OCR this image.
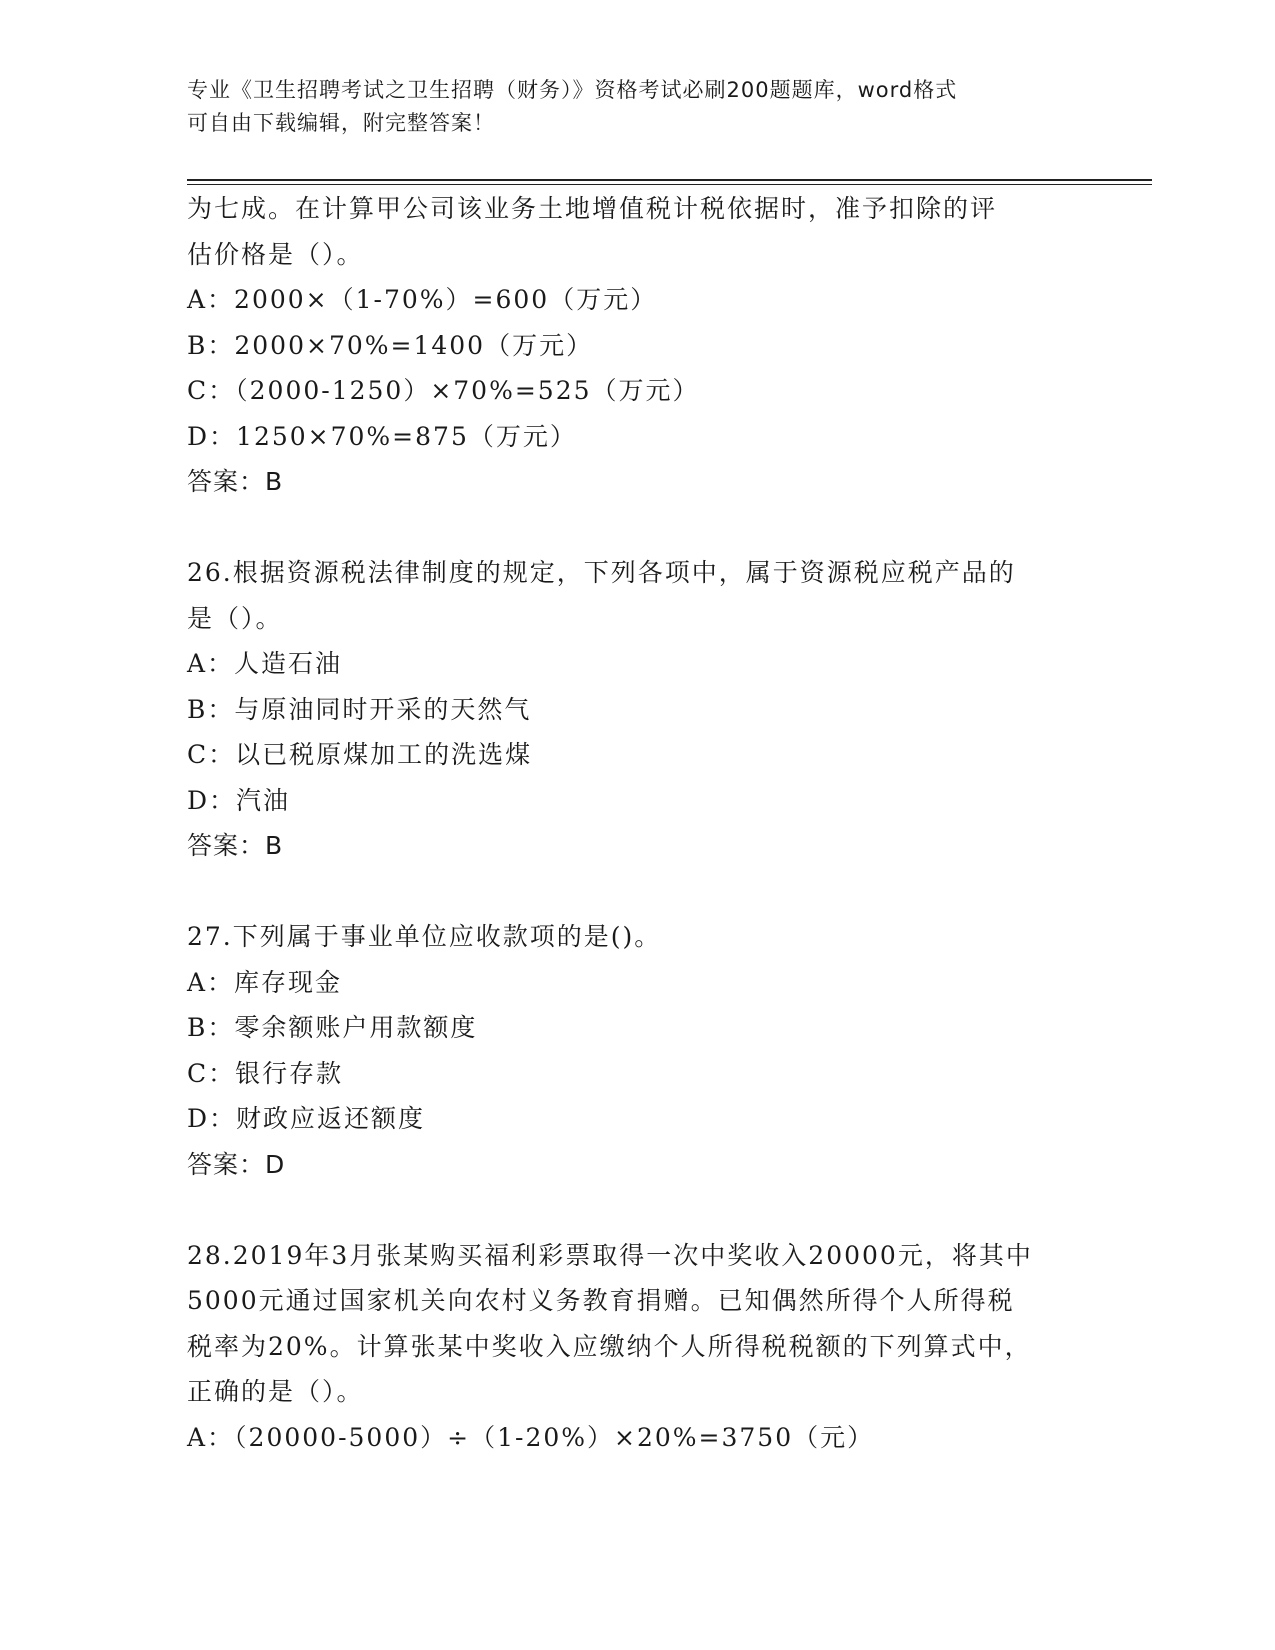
专业《卫生招聘考试之卫生招聘（财务）》资格考试必刷200题题库，word格式
可自由下载编辑，附完整答案！
为七成。在计算甲公司该业务土地增值税计税依据时，准予扣除的评
估价格是（）。
A：2000×（1-70%）=600（万元）
B：2000×70%=1400（万元）
C：（2000-1250）×70%=525（万元）
D：1250×70%=875（万元）
答案：B
26.根据资源税法律制度的规定，下列各项中，属于资源税应税产品的
是（）。
A：人造石油
B：与原油同时开采的天然气
C：以已税原煤加工的洗选煤
D：汽油
答案：B
27.下列属于事业单位应收款项的是()。
A：库存现金
B：零余额账户用款额度
C：银行存款
D：财政应返还额度
答案：D
28.2019年3月张某购买福利彩票取得一次中奖收入20000元，将其中
5000元通过国家机关向农村义务教育捐赠。已知偶然所得个人所得税
税率为20%。计算张某中奖收入应缴纳个人所得税税额的下列算式中，
正确的是（）。
A：（20000-5000）÷（1-20%）×20%=3750（元）
